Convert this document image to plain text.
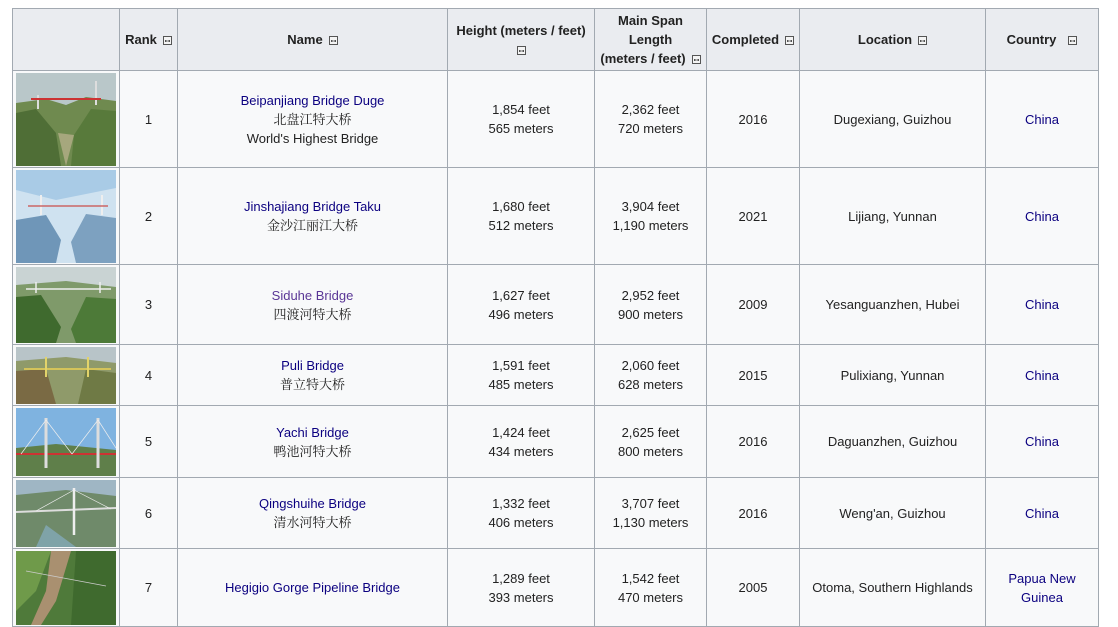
	Rank	Name	Height (meters / feet)	Main Span
Length
(meters / feet)	Completed	Location	Country

	1	Beipanjiang Bridge Duge
北盘江特大桥
World's Highest Bridge	1,854 feet
565 meters	2,362 feet
720 meters	2016	Dugexiang, Guizhou	China

	2	Jinshajiang Bridge Taku
金沙江丽江大桥	1,680 feet
512 meters	3,904 feet
1,190 meters	2021	Lijiang, Yunnan	China

	3	Siduhe Bridge
四渡河特大桥	1,627 feet
496 meters	2,952 feet
900 meters	2009	Yesanguanzhen, Hubei	China

	4	Puli Bridge
普立特大桥	1,591 feet
485 meters	2,060 feet
628 meters	2015	Pulixiang, Yunnan	China

	5	Yachi Bridge
鸭池河特大桥	1,424 feet
434 meters	2,625 feet
800 meters	2016	Daguanzhen, Guizhou	China

	6	Qingshuihe Bridge
清水河特大桥	1,332 feet
406 meters	3,707 feet
1,130 meters	2016	Weng'an, Guizhou	China

	7	Hegigio Gorge Pipeline Bridge	1,289 feet
393 meters	1,542 feet
470 meters	2005	Otoma, Southern Highlands	Papua New
Guinea
